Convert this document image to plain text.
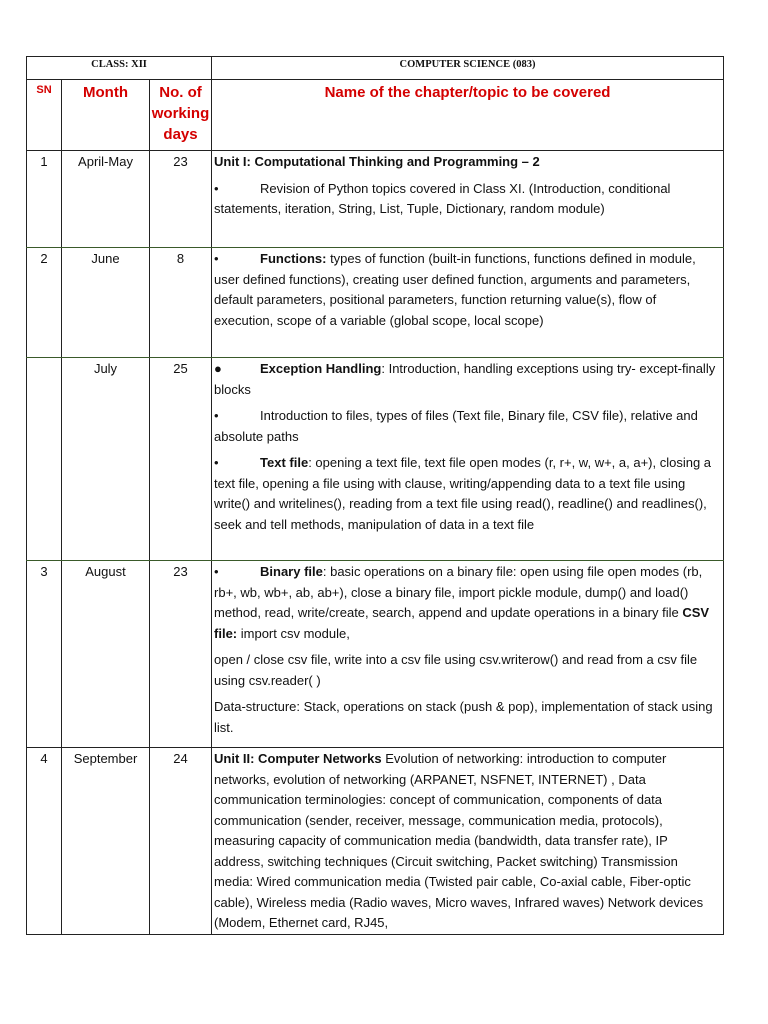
CLASS: XII			COMPUTER SCIENCE (083)
SN	Month	No. of working days	Name of the chapter/topic to be covered
1	April-May	23	Unit I: Computational Thinking and Programming – 2

• Revision of Python topics covered in Class XI. (Introduction, conditional statements, iteration, String, List, Tuple, Dictionary, random module)

2	June	8	• Functions: types of function (built-in functions, functions defined in module, user defined functions), creating user defined function, arguments and parameters, default parameters, positional parameters, function returning value(s), flow of execution, scope of a variable (global scope, local scope)

	July	25	● Exception Handling: Introduction, handling exceptions using try- except-finally blocks

• Introduction to files, types of files (Text file, Binary file, CSV file), relative and absolute paths

• Text file: opening a text file, text file open modes (r, r+, w, w+, a, a+), closing a text file, opening a file using with clause, writing/appending data to a text file using write() and writelines(), reading from a text file using read(), readline() and readlines(), seek and tell methods, manipulation of data in a text file

3	August	23	• Binary file: basic operations on a binary file: open using file open modes (rb, rb+, wb, wb+, ab, ab+), close a binary file, import pickle module, dump() and load() method, read, write/create, search, append and update operations in a binary file CSV file: import csv module,

open / close csv file, write into a csv file using csv.writerow() and read from a csv file using csv.reader( )

Data-structure: Stack, operations on stack (push & pop), implementation of stack using list.

4	September	24	Unit II: Computer Networks Evolution of networking: introduction to computer networks, evolution of networking (ARPANET, NSFNET, INTERNET) , Data communication terminologies: concept of communication, components of data communication (sender, receiver, message, communication media, protocols), measuring capacity of communication media (bandwidth, data transfer rate), IP address, switching techniques (Circuit switching, Packet switching) Transmission media: Wired communication media (Twisted pair cable, Co-axial cable, Fiber-optic cable), Wireless media (Radio waves, Micro waves, Infrared waves) Network devices (Modem, Ethernet card, RJ45,
